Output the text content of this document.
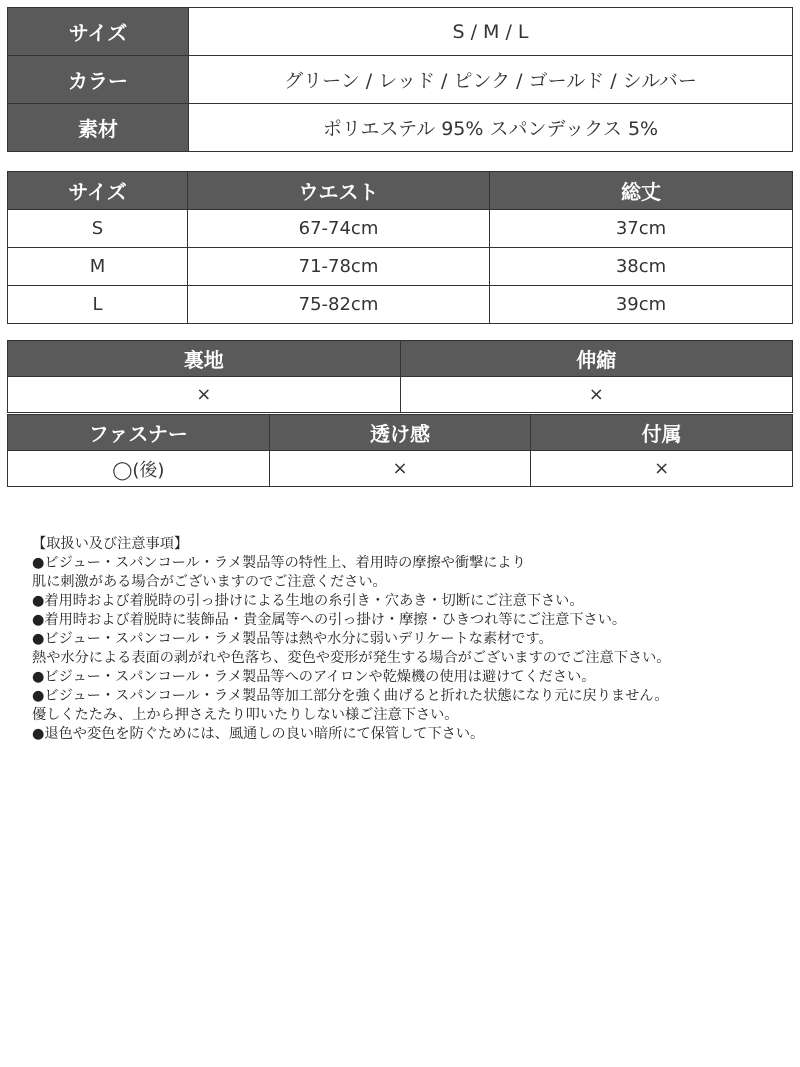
サイズ	S / M / L
カラー	グリーン / レッド / ピンク / ゴールド / シルバー
素材	ポリエステル 95% スパンデックス 5%
サイズ	ウエスト	総丈
S	67-74cm	37cm
M	71-78cm	38cm
L	75-82cm	39cm
裏地	伸縮
×	×
ファスナー	透け感	付属
◯(後)	×	×
【取扱い及び注意事項】
●ビジュー・スパンコール・ラメ製品等の特性上、着用時の摩擦や衝撃により
肌に刺激がある場合がございますのでご注意ください。
●着用時および着脱時の引っ掛けによる生地の糸引き・穴あき・切断にご注意下さい。
●着用時および着脱時に装飾品・貴金属等への引っ掛け・摩擦・ひきつれ等にご注意下さい。
●ビジュー・スパンコール・ラメ製品等は熱や水分に弱いデリケートな素材です。
熱や水分による表面の剥がれや色落ち、変色や変形が発生する場合がございますのでご注意下さい。
●ビジュー・スパンコール・ラメ製品等へのアイロンや乾燥機の使用は避けてください。
●ビジュー・スパンコール・ラメ製品等加工部分を強く曲げると折れた状態になり元に戻りません。
優しくたたみ、上から押さえたり叩いたりしない様ご注意下さい。
●退色や変色を防ぐためには、風通しの良い暗所にて保管して下さい。
